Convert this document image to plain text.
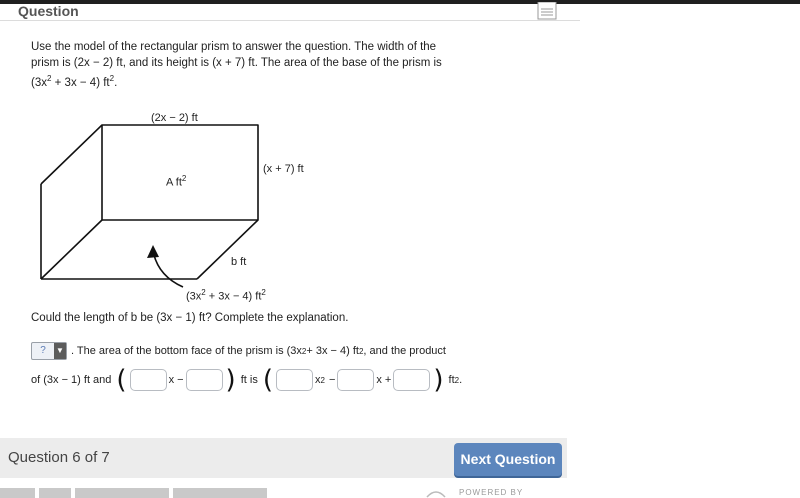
Question
Use the model of the rectangular prism to answer the question. The width of the
prism is (2x − 2) ft, and its height is (x + 7) ft. The area of the base of the prism is
$(3x^2 + 3x - 4)$ $ft^2$.
(2x − 2) ft
(x + 7) ft
A $ft^2$
b ft
$(3x^2 + 3x - 4)$ $ft^2$
Could the length of b be (3x − 1) ft? Complete the explanation.
?	▼ . The area of the bottom face of the prism is (3x 2 + 3x − 4) ft 2 , and the product
of (3x − 1) ft and (	x − ) ft is (	x 2 −	x + ) ft 2 .
Question 6 of 7	Next Question
POWERED BY
